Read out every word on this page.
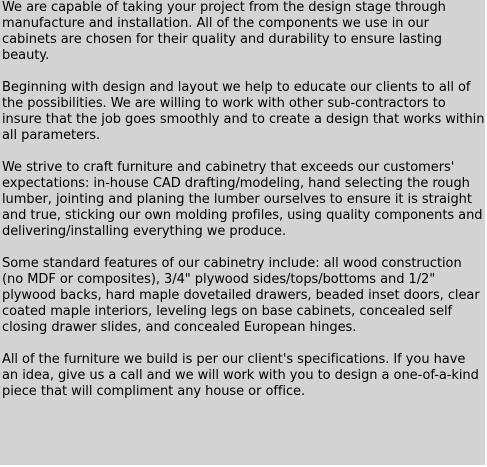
We are capable of taking your project from the design stage through manufacture and installation. All of the components we use in our cabinets are chosen for their quality and durability to ensure lasting beauty.

Beginning with design and layout we help to educate our clients to all of the possibilities. We are willing to work with other sub-contractors to insure that the job goes smoothly and to create a design that works within all parameters.

We strive to craft furniture and cabinetry that exceeds our customers' expectations: in-house CAD drafting/modeling, hand selecting the rough lumber, jointing and planing the lumber ourselves to ensure it is straight and true, sticking our own molding profiles, using quality components and delivering/installing everything we produce.

Some standard features of our cabinetry include: all wood construction (no MDF or composites), 3/4" plywood sides/tops/bottoms and 1/2" plywood backs, hard maple dovetailed drawers, beaded inset doors, clear coated maple interiors, leveling legs on base cabinets, concealed self closing drawer slides, and concealed European hinges.

All of the furniture we build is per our client's specifications. If you have an idea, give us a call and we will work with you to design a one-of-a-kind piece that will compliment any house or office.
